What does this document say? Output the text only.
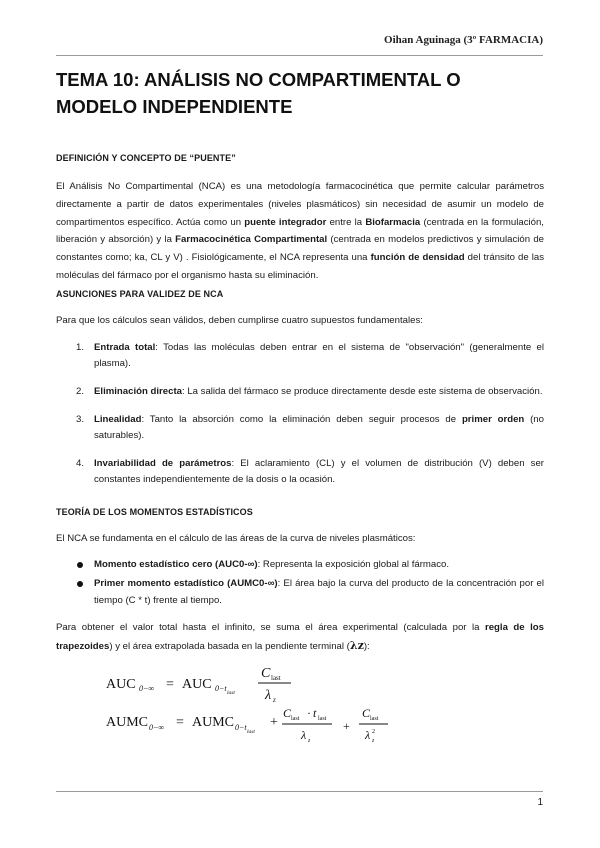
Oihan Aguinaga (3º FARMACIA)
TEMA 10: ANÁLISIS NO COMPARTIMENTAL O MODELO INDEPENDIENTE
DEFINICIÓN Y CONCEPTO DE “PUENTE”

El Análisis No Compartimental (NCA) es una metodología farmacocinética que permite calcular parámetros directamente a partir de datos experimentales (niveles plasmáticos) sin necesidad de asumir un modelo de compartimentos específico. Actúa como un puente integrador entre la Biofarmacia (centrada en la formulación, liberación y absorción) y la Farmacocinética Compartimental (centrada en modelos predictivos y simulación de constantes como; ka, CL y V) . Fisiológicamente, el NCA representa una función de densidad del tránsito de las moléculas del fármaco por el organismo hasta su eliminación.

ASUNCIONES PARA VALIDEZ DE NCA

Para que los cálculos sean válidos, deben cumplirse cuatro supuestos fundamentales:

1. Entrada total: Todas las moléculas deben entrar en el sistema de "observación" (generalmente el plasma).
2. Eliminación directa: La salida del fármaco se produce directamente desde este sistema de observación.
3. Linealidad: Tanto la absorción como la eliminación deben seguir procesos de primer orden (no saturables).
4. Invariabilidad de parámetros: El aclaramiento (CL) y el volumen de distribución (V) deben ser constantes independientemente de la dosis o la ocasión.
TEORÍA DE LOS MOMENTOS ESTADÍSTICOS

El NCA se fundamenta en el cálculo de las áreas de la curva de niveles plasmáticos:

Momento estadístico cero (AUC0-∞): Representa la exposición global al fármaco.
Primer momento estadístico (AUMC0-∞): El área bajo la curva del producto de la concentración por el tiempo (C * t) frente al tiempo.

Para obtener el valor total hasta el infinito, se suma el área experimental (calculada por la regla de los trapezoides) y el área extrapolada basada en la pendiente terminal (λz):

AUC 0−∞ = AUC 0−t last
C last
λ z
AUMC 0−∞ = AUMC 0−t last
+
C last · t last
λ z
+
C last
λ z
2
1
